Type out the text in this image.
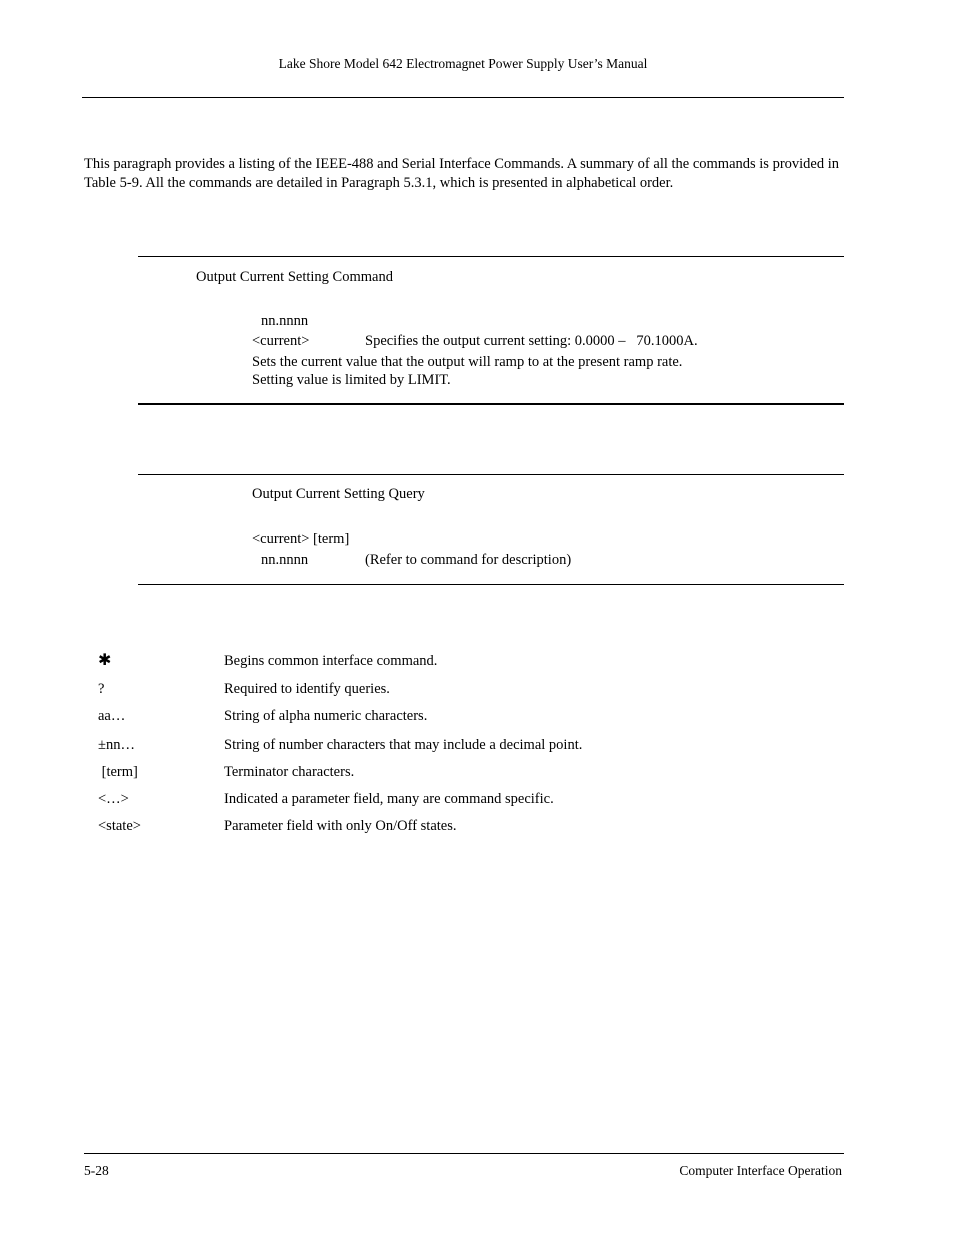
Lake Shore Model 642 Electromagnet Power Supply User’s Manual
This paragraph provides a listing of the IEEE-488 and Serial Interface Commands. A summary of all the commands is provided in Table 5-9. All the commands are detailed in Paragraph 5.3.1, which is presented in alphabetical order.
Output Current Setting Command
nn.nnnn
<current>	Specifies the output current setting: 0.0000 –   70.1000A.
Sets the current value that the output will ramp to at the present ramp rate.
Setting value is limited by LIMIT.
Output Current Setting Query
<current> [term]
nn.nnnn	(Refer to command for description)
✱	Begins common interface command.
?	Required to identify queries.
aa…	String of alpha numeric characters.
±nn…	String of number characters that may include a decimal point.
[term]	Terminator characters.
<…>	Indicated a parameter field, many are command specific.
<state>	Parameter field with only On/Off states.
5-28	Computer Interface Operation
